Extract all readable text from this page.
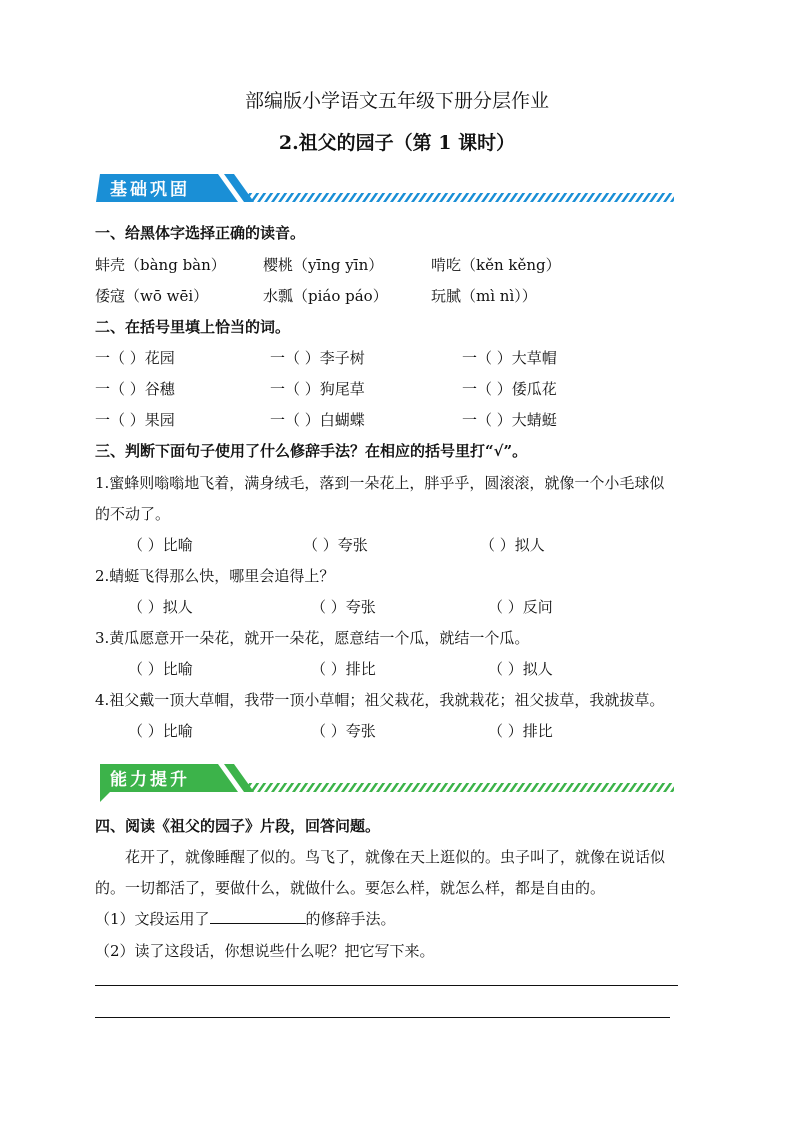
部编版小学语文五年级下册分层作业
2.祖父的园子（第 1 课时）
基础巩固
一、给黑体字选择正确的读音。
蚌壳（bàng bàn） 樱桃（yīng yīn）	啃吃（kěn kěng）
倭寇（wō wēi）	水瓢（piáo páo）	玩腻（mì nì））
二、在括号里填上恰当的词。
一（ ）花园	一（ ）李子树	一（ ）大草帽
一（ ）谷穗	一（ ）狗尾草	一（ ）倭瓜花
一（ ）果园	一（ ）白蝴蝶	一（ ）大蜻蜓
三、判断下面句子使用了什么修辞手法？在相应的括号里打“√”。
1.蜜蜂则嗡嗡地飞着，满身绒毛，落到一朵花上，胖乎乎，圆滚滚，就像一个小毛球似
的不动了。
（ ）比喻	（ ）夸张	（ ）拟人
2.蜻蜓飞得那么快，哪里会追得上？
（ ）拟人	（ ）夸张	（ ）反问
3.黄瓜愿意开一朵花，就开一朵花，愿意结一个瓜，就结一个瓜。
（ ）比喻	（ ）排比	（ ）拟人
4.祖父戴一顶大草帽，我带一顶小草帽；祖父栽花，我就栽花；祖父拔草，我就拔草。
（ ）比喻	（ ）夸张	（ ）排比
能力提升
四、阅读《祖父的园子》片段，回答问题。
花开了，就像睡醒了似的。鸟飞了，就像在天上逛似的。虫子叫了，就像在说话似
的。一切都活了，要做什么，就做什么。要怎么样，就怎么样，都是自由的。
（1）文段运用了	的修辞手法。
（2）读了这段话，你想说些什么呢？把它写下来。
